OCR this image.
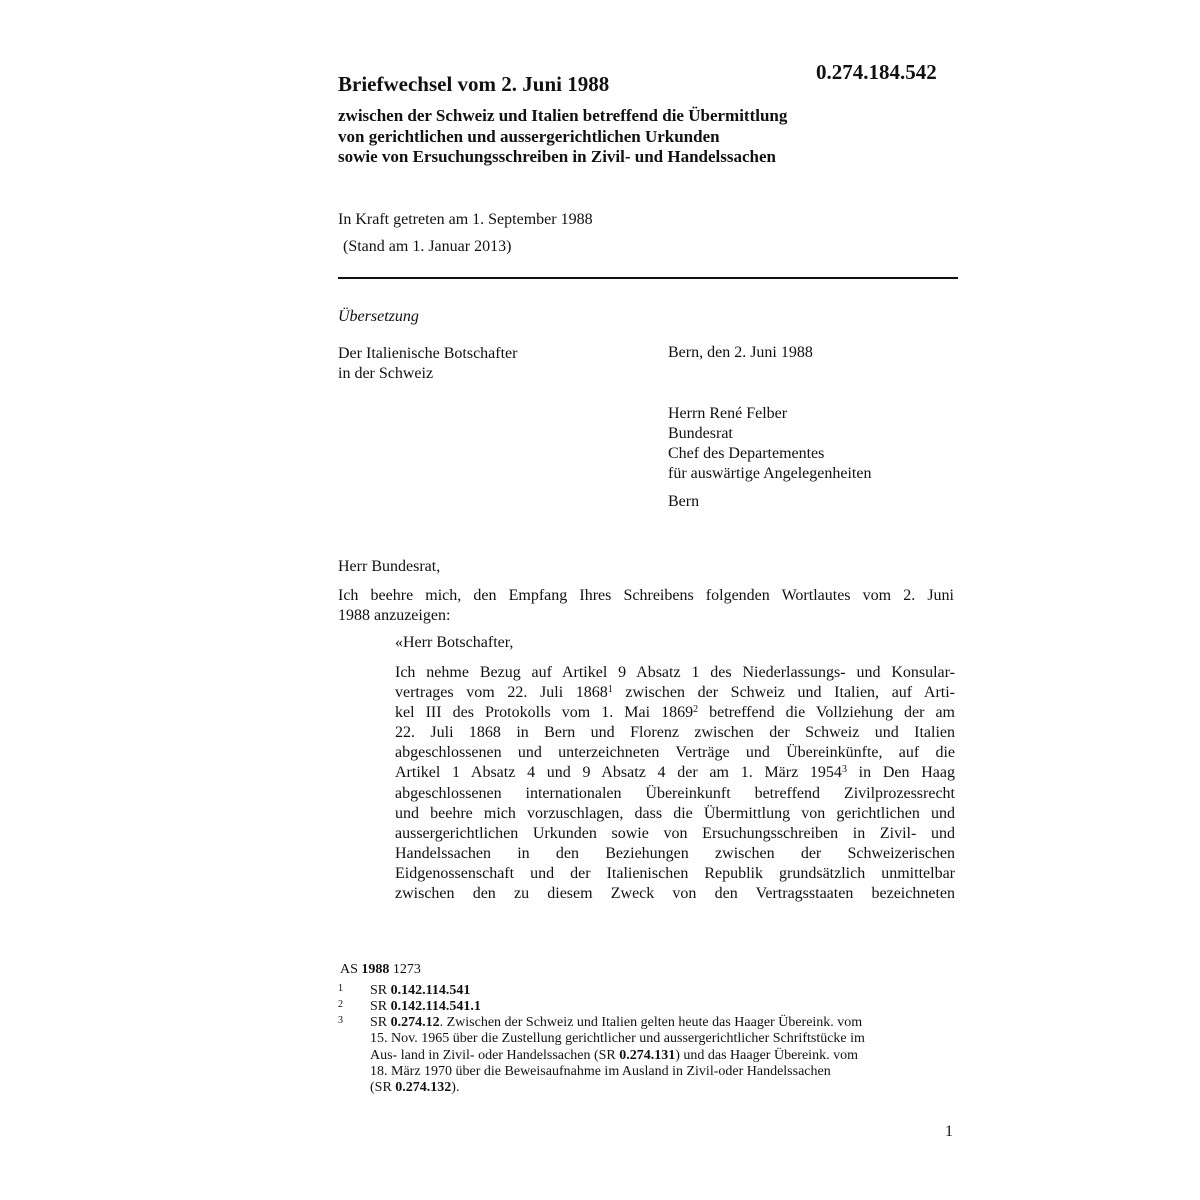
0.274.184.542
Briefwechsel vom 2. Juni 1988
zwischen der Schweiz und Italien betreffend die Übermittlung
von gerichtlichen und aussergerichtlichen Urkunden
sowie von Ersuchungsschreiben in Zivil- und Handelssachen
In Kraft getreten am 1. September 1988
(Stand am 1. Januar 2013)
Übersetzung
Der Italienische Botschafter
in der Schweiz
Bern, den 2. Juni 1988
Herrn René Felber
Bundesrat
Chef des Departementes
für auswärtige Angelegenheiten
Bern
Herr Bundesrat,
Ich beehre mich, den Empfang Ihres Schreibens folgenden Wortlautes vom 2. Juni
1988 anzuzeigen:
«Herr Botschafter,
Ich nehme Bezug auf Artikel 9 Absatz 1 des Niederlassungs- und Konsular-
vertrages vom 22. Juli 1868$^1$ zwischen der Schweiz und Italien, auf Arti-
kel III des Protokolls vom 1. Mai 1869$^2$ betreffend die Vollziehung der am
22. Juli 1868 in Bern und Florenz zwischen der Schweiz und Italien
abgeschlossenen und unterzeichneten Verträge und Übereinkünfte, auf die
Artikel 1 Absatz 4 und 9 Absatz 4 der am 1. März 1954$^3$ in Den Haag
abgeschlossenen internationalen Übereinkunft betreffend Zivilprozessrecht
und beehre mich vorzuschlagen, dass die Übermittlung von gerichtlichen und
aussergerichtlichen Urkunden sowie von Ersuchungsschreiben in Zivil- und
Handelssachen in den Beziehungen zwischen der Schweizerischen
Eidgenossenschaft und der Italienischen Republik grundsätzlich unmittelbar
zwischen den zu diesem Zweck von den Vertragsstaaten bezeichneten
AS 1988 1273
1 SR 0.142.114.541
2 SR 0.142.114.541.1
3 SR 0.274.12. Zwischen der Schweiz und Italien gelten heute das Haager Übereink. vom
15. Nov. 1965 über die Zustellung gerichtlicher und aussergerichtlicher Schriftstücke im
Aus- land in Zivil- oder Handelssachen (SR 0.274.131) und das Haager Übereink. vom
18. März 1970 über die Beweisaufnahme im Ausland in Zivil-oder Handelssachen
(SR 0.274.132).
1
